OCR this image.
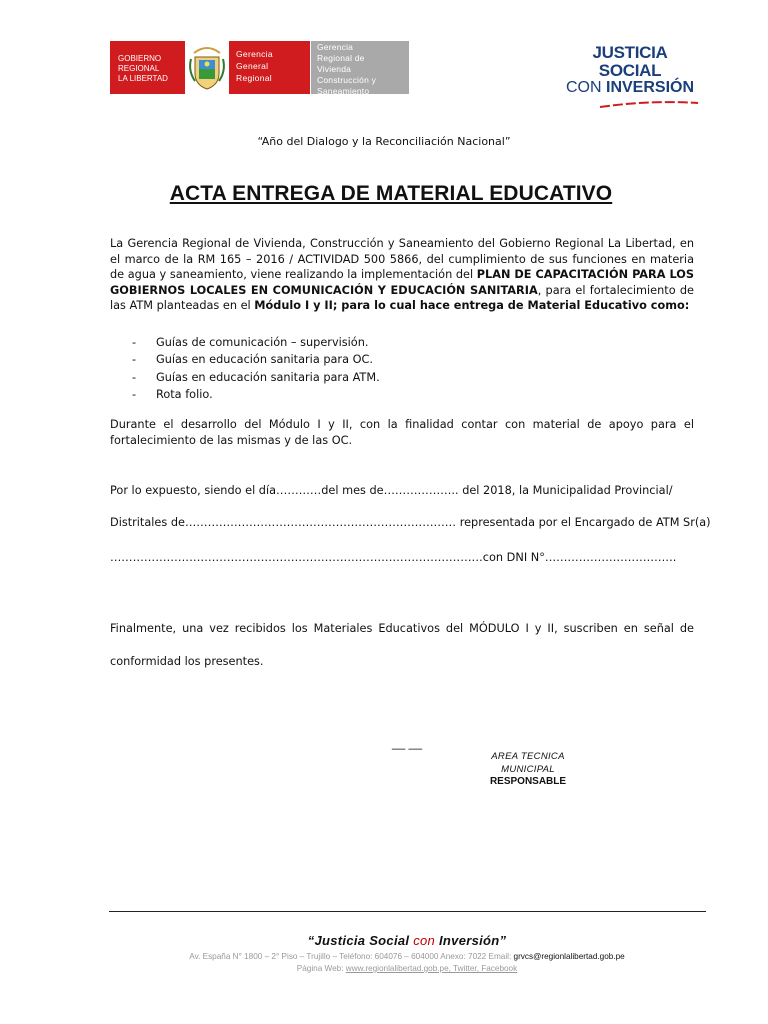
GOBIERNO
REGIONAL
LA LIBERTAD
Gerencia
General
Regional
Gerencia
Regional de
Vivienda
Construcción y
Saneamiento
JUSTICIA SOCIAL
CON INVERSIÓN
“Año del Dialogo y la Reconciliación Nacional”
ACTA ENTREGA DE MATERIAL EDUCATIVO
La Gerencia Regional de Vivienda, Construcción y Saneamiento del Gobierno Regional La Libertad, en el marco de la RM 165 – 2016 / ACTIVIDAD 500 5866, del cumplimiento de sus funciones en materia de agua y saneamiento, viene realizando la implementación del PLAN DE CAPACITACIÓN PARA LOS GOBIERNOS LOCALES EN COMUNICACIÓN Y EDUCACIÓN SANITARIA, para el fortalecimiento de las ATM planteadas en el Módulo I y II; para lo cual hace entrega de Material Educativo como:
- Guías de comunicación – supervisión.
- Guías en educación sanitaria para OC.
- Guías en educación sanitaria para ATM.
- Rota folio.
Durante el desarrollo del Módulo I y II, con la finalidad contar con material de apoyo para el fortalecimiento de las mismas y de las OC.
Por lo expuesto, siendo el día…………del mes de……………….. del 2018, la Municipalidad Provincial/
Distritales de……………………………………………………………… representada por el Encargado de ATM Sr(a)
………………………………………………………………………………………con DNI N°……………………………..
Finalmente, una vez recibidos los Materiales Educativos del MÓDULO I y II, suscriben en señal de conformidad los presentes.
__ __
AREA TECNICA
MUNICIPAL
RESPONSABLE
“Justicia Social con Inversión”
Av. España N° 1800 – 2° Piso – Trujillo – Teléfono: 604076 – 604000 Anexo: 7022 Email: grvcs@regionlalibertad.gob.pe
Página Web: www.regionlalibertad.gob.pe, Twitter, Facebook
